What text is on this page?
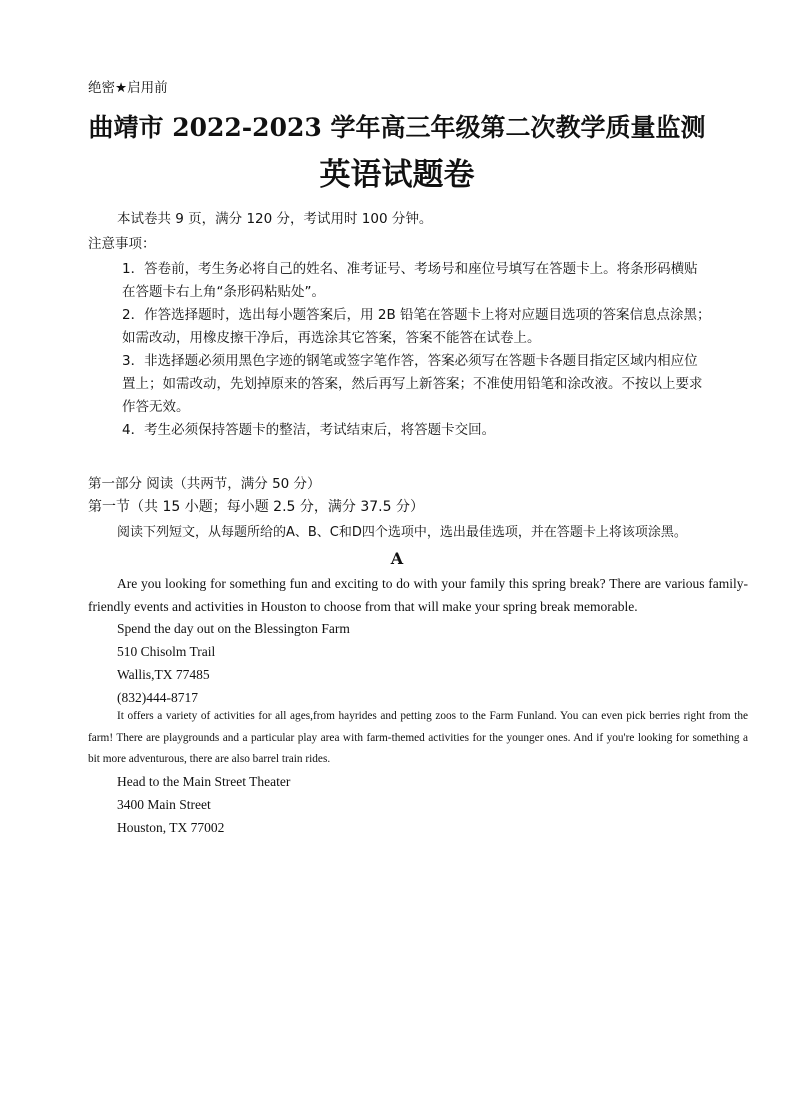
绝密★启用前
曲靖市 2022-2023 学年高三年级第二次教学质量监测
英语试题卷
本试卷共 9 页，满分 120 分，考试用时 100 分钟。
注意事项：
1．答卷前，考生务必将自己的姓名、准考证号、考场号和座位号填写在答题卡上。将条形码横贴
在答题卡右上角“条形码粘贴处”。
2．作答选择题时，选出每小题答案后，用 2B 铅笔在答题卡上将对应题目选项的答案信息点涂黑；
如需改动，用橡皮擦干净后，再选涂其它答案，答案不能答在试卷上。
3．非选择题必须用黑色字迹的钢笔或签字笔作答，答案必须写在答题卡各题目指定区域内相应位
置上；如需改动，先划掉原来的答案，然后再写上新答案；不准使用铅笔和涂改液。不按以上要求
作答无效。
4．考生必须保持答题卡的整洁，考试结束后，将答题卡交回。
第一部分 阅读（共两节，满分 50 分）
第一节（共 15 小题；每小题 2.5 分，满分 37.5 分）
阅读下列短文，从每题所给的A、B、C和D四个选项中，选出最佳选项，并在答题卡上将该项涂黑。
A

Are you looking for something fun and exciting to do with your family this spring break? There are various family-friendly events and activities in Houston to choose from that will make your spring break memorable.

Spend the day out on the Blessington Farm
510 Chisolm Trail
Wallis,TX 77485
(832)444-8717

It offers a variety of activities for all ages,from hayrides and petting zoos to the Farm Funland. You can even pick berries right from the farm! There are playgrounds and a particular play area with farm-themed activities for the younger ones. And if you're looking for something a bit more adventurous, there are also barrel train rides.

Head to the Main Street Theater
3400 Main Street
Houston, TX 77002
